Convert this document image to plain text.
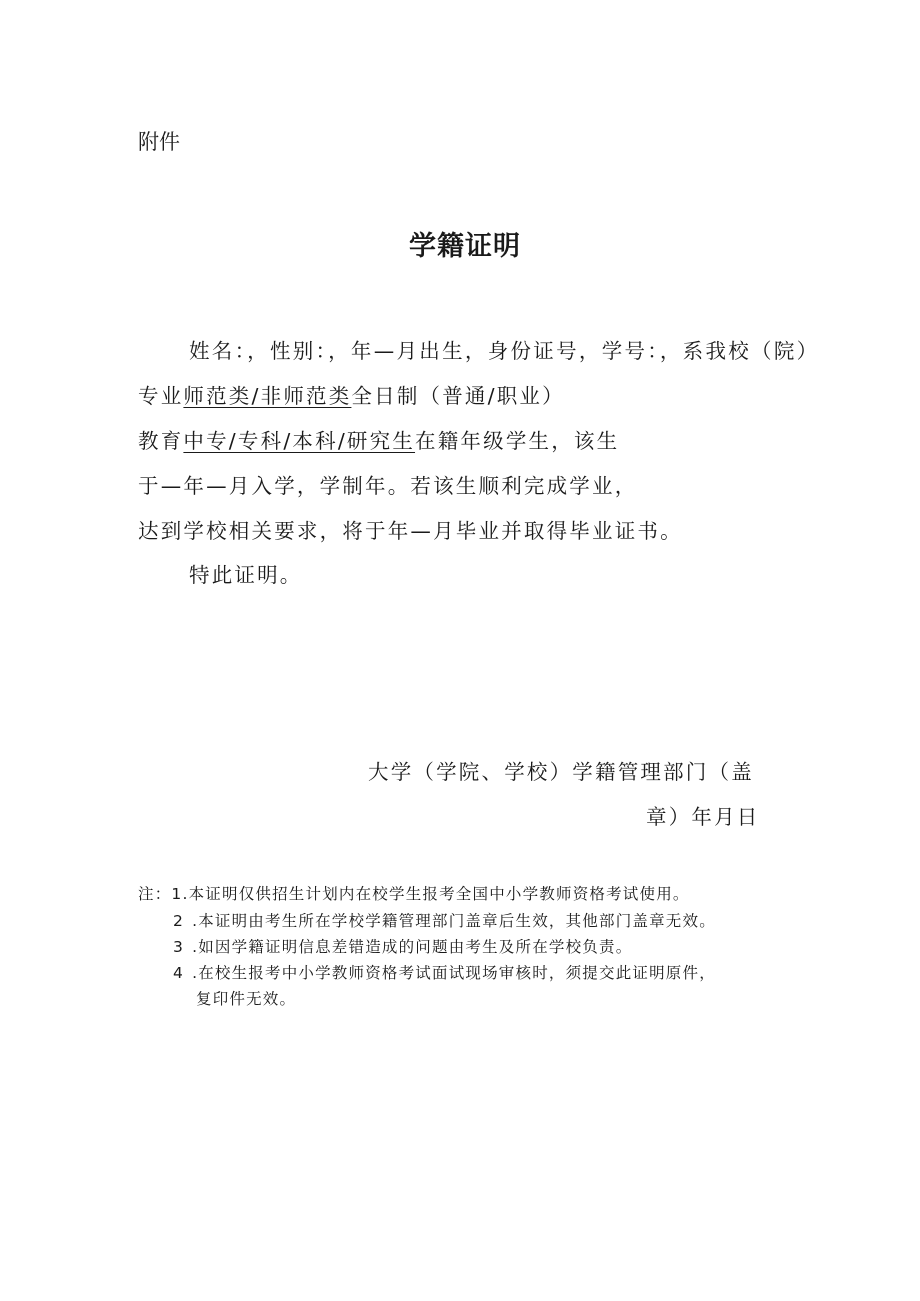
附件
学籍证明
姓名：，性别：，年—月出生，身份证号，学号：，系我校（院）
专业师范类/非师范类全日制（普通/职业）
教育中专/专科/本科/研究生在籍年级学生，该生
于—年—月入学，学制年。若该生顺利完成学业，
达到学校相关要求，将于年—月毕业并取得毕业证书。
特此证明。
大学（学院、学校）学籍管理部门（盖
章）年月日
注：1.本证明仅供招生计划内在校学生报考全国中小学教师资格考试使用。
2 .本证明由考生所在学校学籍管理部门盖章后生效，其他部门盖章无效。
3 .如因学籍证明信息差错造成的问题由考生及所在学校负责。
4 .在校生报考中小学教师资格考试面试现场审核时，须提交此证明原件，
复印件无效。
